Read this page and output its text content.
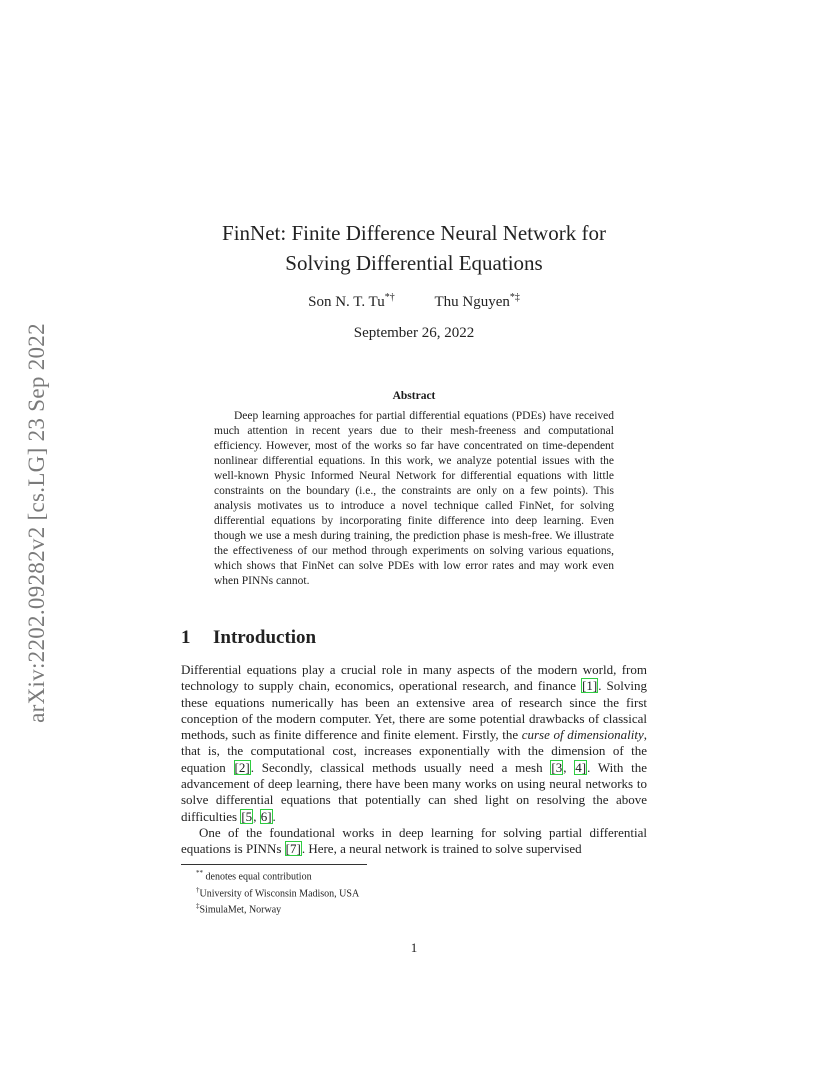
arXiv:2202.09282v2 [cs.LG] 23 Sep 2022
FinNet: Finite Difference Neural Network for
Solving Differential Equations
Son N. T. Tu*†	Thu Nguyen*‡
September 26, 2022
Abstract
Deep learning approaches for partial differential equations (PDEs) have received much attention in recent years due to their mesh-freeness and computational efficiency. However, most of the works so far have concentrated on time-dependent nonlinear differential equations. In this work, we analyze potential issues with the well-known Physic Informed Neural Network for differential equations with little constraints on the boundary (i.e., the constraints are only on a few points). This analysis motivates us to introduce a novel technique called FinNet, for solving differential equations by incorporating finite difference into deep learning. Even though we use a mesh during training, the prediction phase is mesh-free. We illustrate the effectiveness of our method through experiments on solving various equations, which shows that FinNet can solve PDEs with low error rates and may work even when PINNs cannot.
1 Introduction

Differential equations play a crucial role in many aspects of the modern world, from technology to supply chain, economics, operational research, and finance [1]. Solving these equations numerically has been an extensive area of research since the first conception of the modern computer. Yet, there are some potential drawbacks of classical methods, such as finite difference and finite element. Firstly, the curse of dimensionality, that is, the computational cost, increases exponentially with the dimension of the equation [2]. Secondly, classical methods usually need a mesh [3, 4]. With the advancement of deep learning, there have been many works on using neural networks to solve differential equations that potentially can shed light on resolving the above difficulties [5, 6].

One of the foundational works in deep learning for solving partial differential equations is PINNs [7]. Here, a neural network is trained to solve supervised

** denotes equal contribution
†University of Wisconsin Madison, USA
‡SimulaMet, Norway
1
